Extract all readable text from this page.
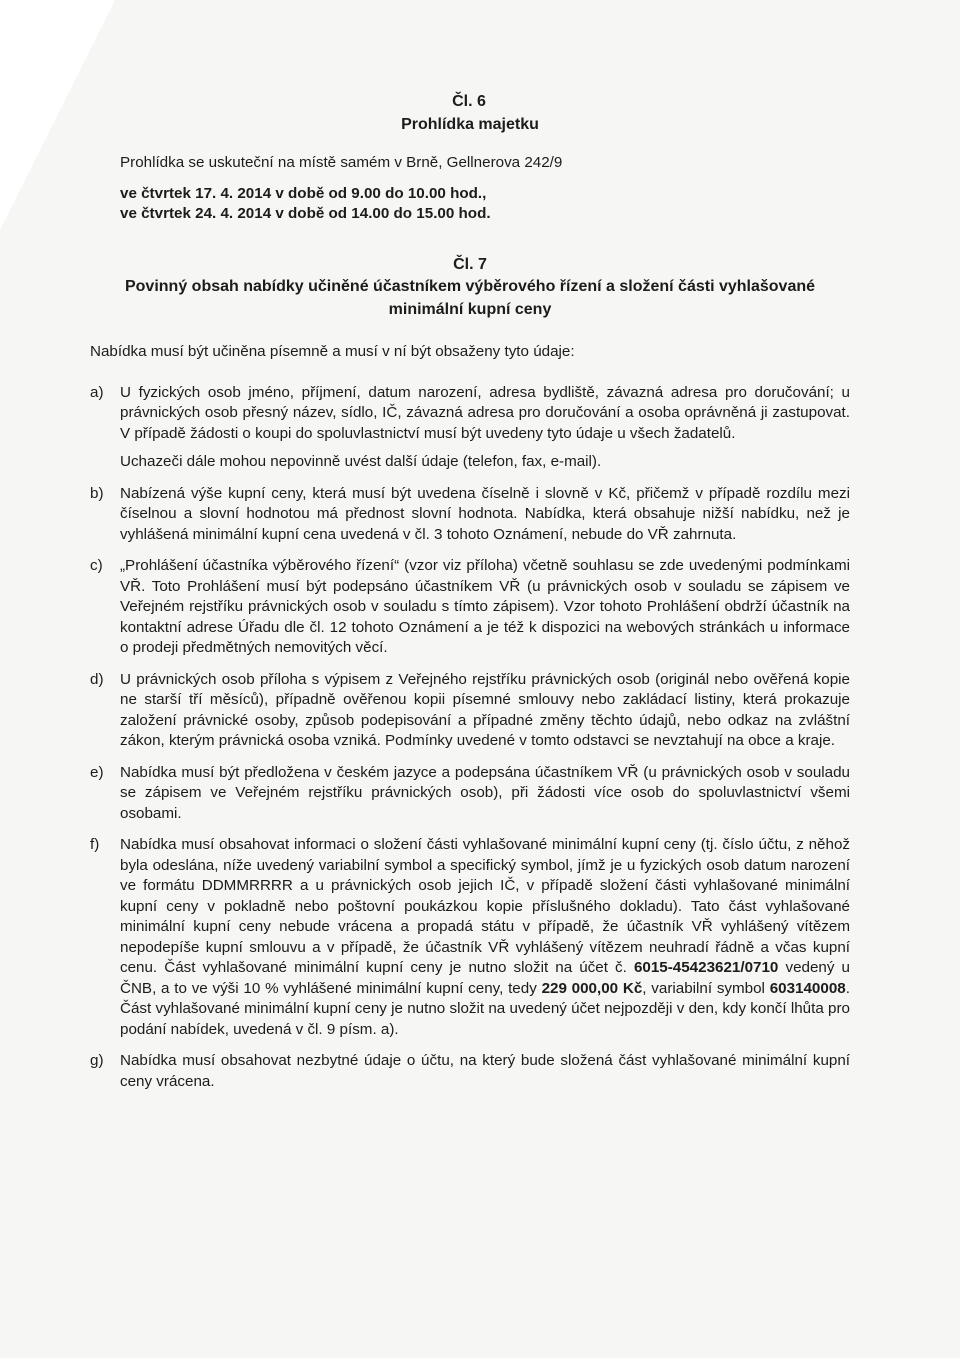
Čl. 6
Prohlídka majetku

Prohlídka se uskuteční na místě samém v Brně, Gellnerova 242/9

ve čtvrtek 17. 4. 2014 v době od 9.00 do 10.00 hod.,

ve čtvrtek 24. 4. 2014 v době od 14.00 do 15.00 hod.

Čl. 7
Povinný obsah nabídky učiněné účastníkem výběrového řízení a složení části vyhlašované
minimální kupní ceny

Nabídka musí být učiněna písemně a musí v ní být obsaženy tyto údaje:

a) U fyzických osob jméno, příjmení, datum narození, adresa bydliště, závazná adresa pro doručování; u právnických osob přesný název, sídlo, IČ, závazná adresa pro doručování a osoba oprávněná ji zastupovat. V případě žádosti o koupi do spoluvlastnictví musí být uvedeny tyto údaje u všech žadatelů.
Uchazeči dále mohou nepovinně uvést další údaje (telefon, fax, e-mail).
b) Nabízená výše kupní ceny, která musí být uvedena číselně i slovně v Kč, přičemž v případě rozdílu mezi číselnou a slovní hodnotou má přednost slovní hodnota. Nabídka, která obsahuje nižší nabídku, než je vyhlášená minimální kupní cena uvedená v čl. 3 tohoto Oznámení, nebude do VŘ zahrnuta.
c) „Prohlášení účastníka výběrového řízení“ (vzor viz příloha) včetně souhlasu se zde uvedenými podmínkami VŘ. Toto Prohlášení musí být podepsáno účastníkem VŘ (u právnických osob v souladu se zápisem ve Veřejném rejstříku právnických osob v souladu s tímto zápisem). Vzor tohoto Prohlášení obdrží účastník na kontaktní adrese Úřadu dle čl. 12 tohoto Oznámení a je též k dispozici na webových stránkách u informace o prodeji předmětných nemovitých věcí.
d) U právnických osob příloha s výpisem z Veřejného rejstříku právnických osob (originál nebo ověřená kopie ne starší tří měsíců), případně ověřenou kopii písemné smlouvy nebo zakládací listiny, která prokazuje založení právnické osoby, způsob podepisování a případné změny těchto údajů, nebo odkaz na zvláštní zákon, kterým právnická osoba vzniká. Podmínky uvedené v tomto odstavci se nevztahují na obce a kraje.
e) Nabídka musí být předložena v českém jazyce a podepsána účastníkem VŘ (u právnických osob v souladu se zápisem ve Veřejném rejstříku právnických osob), při žádosti více osob do spoluvlastnictví všemi osobami.
f) Nabídka musí obsahovat informaci o složení části vyhlašované minimální kupní ceny (tj. číslo účtu, z něhož byla odeslána, níže uvedený variabilní symbol a specifický symbol, jímž je u fyzických osob datum narození ve formátu DDMMRRRR a u právnických osob jejich IČ, v případě složení části vyhlašované minimální kupní ceny v pokladně nebo poštovní poukázkou kopie příslušného dokladu). Tato část vyhlašované minimální kupní ceny nebude vrácena a propadá státu v případě, že účastník VŘ vyhlášený vítězem nepodepíše kupní smlouvu a v případě, že účastník VŘ vyhlášený vítězem neuhradí řádně a včas kupní cenu. Část vyhlašované minimální kupní ceny je nutno složit na účet č. 6015-45423621/0710 vedený u ČNB, a to ve výši 10 % vyhlášené minimální kupní ceny, tedy 229 000,00 Kč, variabilní symbol 603140008. Část vyhlašované minimální kupní ceny je nutno složit na uvedený účet nejpozději v den, kdy končí lhůta pro podání nabídek, uvedená v čl. 9 písm. a).
g) Nabídka musí obsahovat nezbytné údaje o účtu, na který bude složená část vyhlašované minimální kupní ceny vrácena.
